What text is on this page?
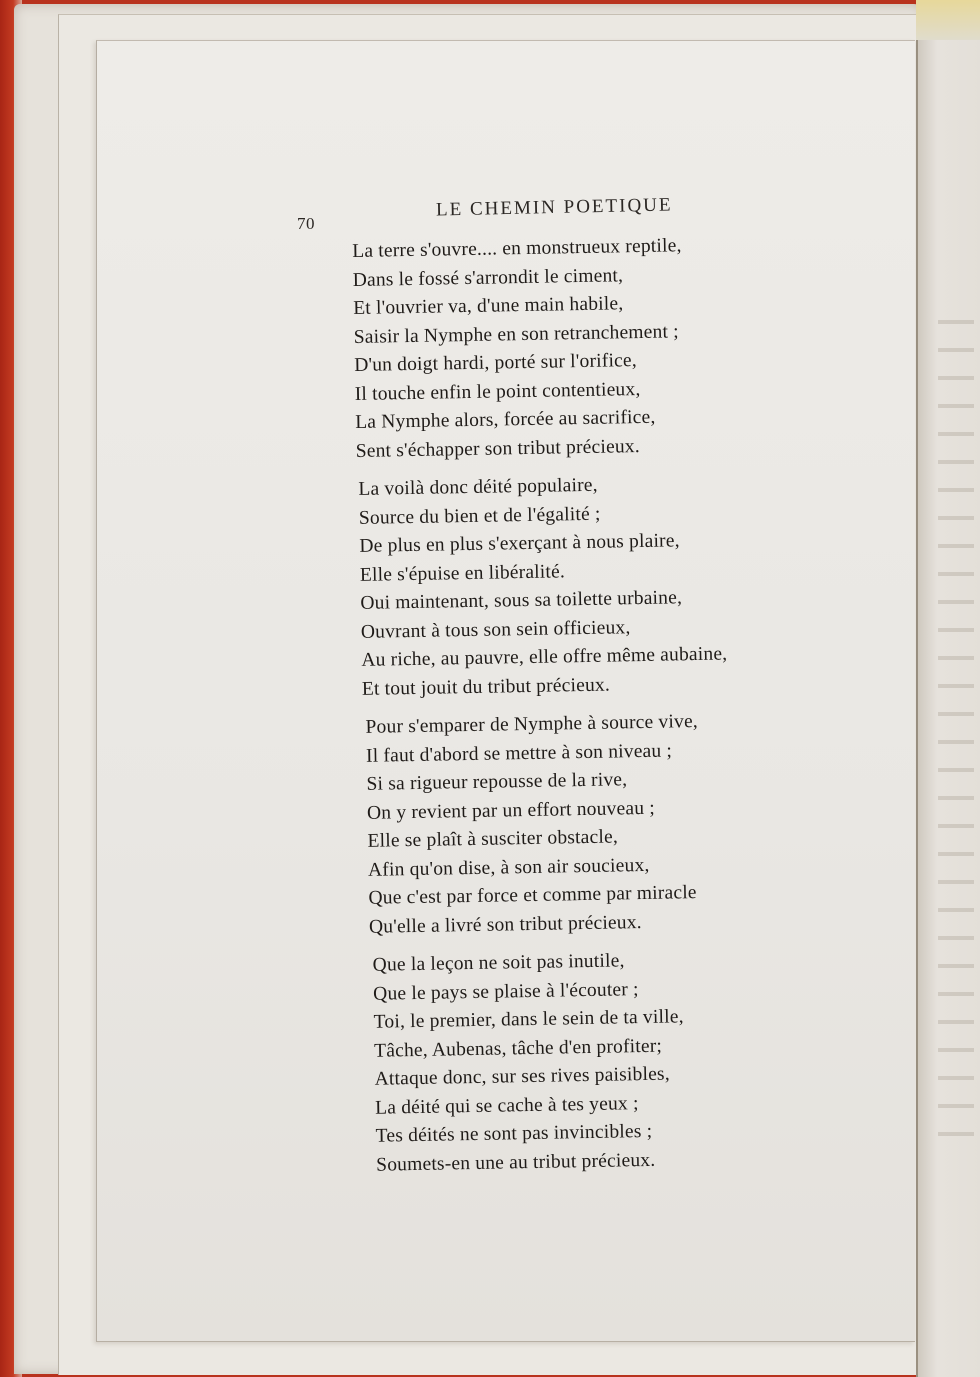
70
LE CHEMIN POETIQUE
La terre s'ouvre.... en monstrueux reptile,
Dans le fossé s'arrondit le ciment,
Et l'ouvrier va, d'une main habile,
Saisir la Nymphe en son retranchement ;
D'un doigt hardi, porté sur l'orifice,
Il touche enfin le point contentieux,
La Nymphe alors, forcée au sacrifice,
Sent s'échapper son tribut précieux.
La voilà donc déité populaire,
Source du bien et de l'égalité ;
De plus en plus s'exerçant à nous plaire,
Elle s'épuise en libéralité.
Oui maintenant, sous sa toilette urbaine,
Ouvrant à tous son sein officieux,
Au riche, au pauvre, elle offre même aubaine,
Et tout jouit du tribut précieux.
Pour s'emparer de Nymphe à source vive,
Il faut d'abord se mettre à son niveau ;
Si sa rigueur repousse de la rive,
On y revient par un effort nouveau ;
Elle se plaît à susciter obstacle,
Afin qu'on dise, à son air soucieux,
Que c'est par force et comme par miracle
Qu'elle a livré son tribut précieux.
Que la leçon ne soit pas inutile,
Que le pays se plaise à l'écouter ;
Toi, le premier, dans le sein de ta ville,
Tâche, Aubenas, tâche d'en profiter;
Attaque donc, sur ses rives paisibles,
La déité qui se cache à tes yeux ;
Tes déités ne sont pas invincibles ;
Soumets-en une au tribut précieux.
